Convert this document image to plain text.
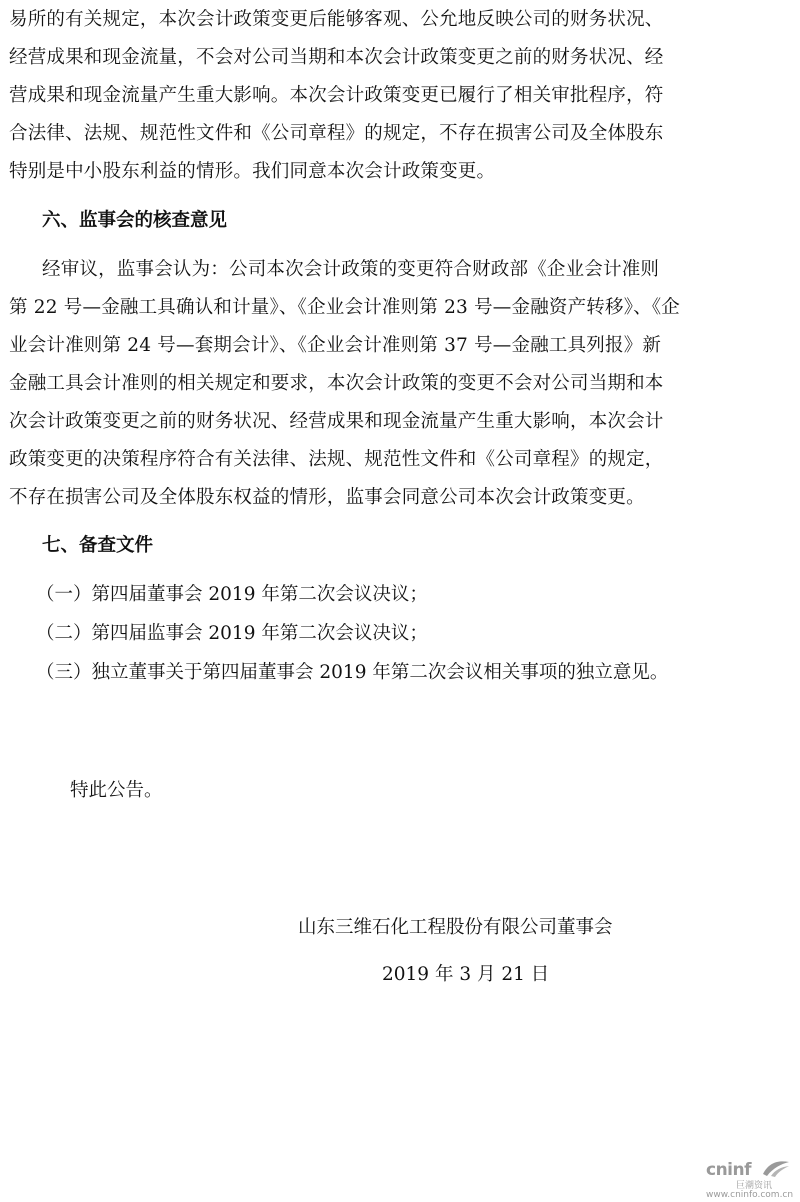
易所的有关规定，本次会计政策变更后能够客观、公允地反映公司的财务状况、
经营成果和现金流量，不会对公司当期和本次会计政策变更之前的财务状况、经
营成果和现金流量产生重大影响。本次会计政策变更已履行了相关审批程序，符
合法律、法规、规范性文件和《公司章程》的规定，不存在损害公司及全体股东
特别是中小股东利益的情形。我们同意本次会计政策变更。
六、监事会的核查意见
经审议，监事会认为：公司本次会计政策的变更符合财政部《企业会计准则
第 22 号—金融工具确认和计量》、《企业会计准则第 23 号—金融资产转移》、《企
业会计准则第 24 号—套期会计》、《企业会计准则第 37 号—金融工具列报》新
金融工具会计准则的相关规定和要求，本次会计政策的变更不会对公司当期和本
次会计政策变更之前的财务状况、经营成果和现金流量产生重大影响，本次会计
政策变更的决策程序符合有关法律、法规、规范性文件和《公司章程》的规定，
不存在损害公司及全体股东权益的情形，监事会同意公司本次会计政策变更。
七、备查文件
（一）第四届董事会 2019 年第二次会议决议；
（二）第四届监事会 2019 年第二次会议决议；
（三）独立董事关于第四届董事会 2019 年第二次会议相关事项的独立意见。
特此公告。
山东三维石化工程股份有限公司董事会
2019 年 3 月 21 日
cninf
巨潮资讯
www.cninfo.com.cn
